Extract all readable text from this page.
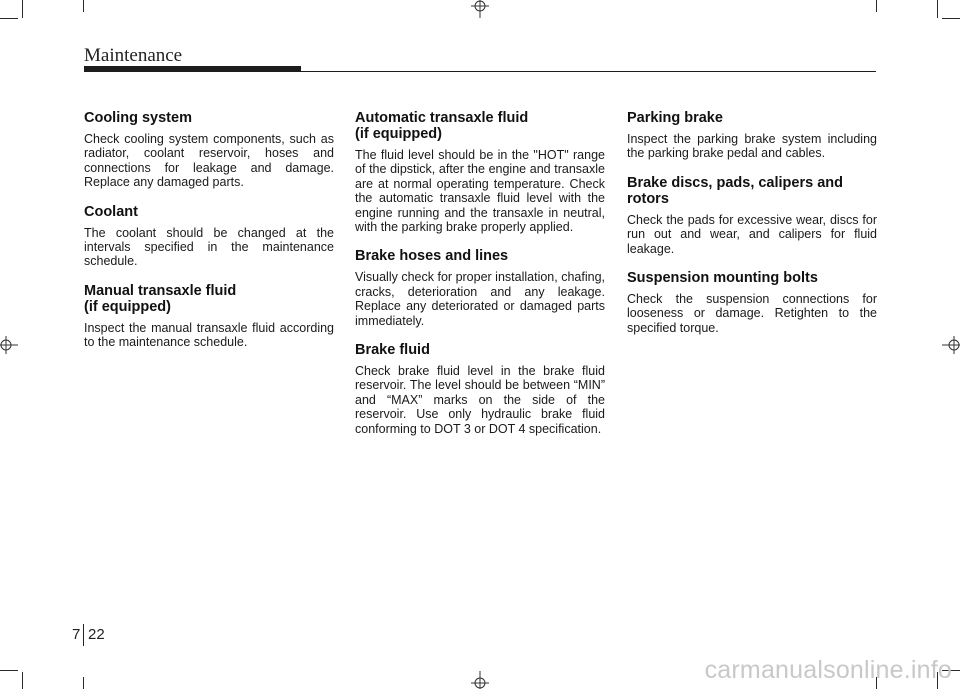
Maintenance
Cooling system

Check cooling system components, such as radiator, coolant reservoir, hoses and connections for leakage and damage. Replace any damaged parts.

Coolant

The coolant should be changed at the intervals specified in the maintenance schedule.

Manual transaxle fluid
(if equipped)

Inspect the manual transaxle fluid according to the maintenance schedule.

Automatic transaxle fluid
(if equipped)

The fluid level should be in the "HOT" range of the dipstick, after the engine and transaxle are at normal operating temperature. Check the automatic transaxle fluid level with the engine running and the transaxle in neutral, with the parking brake properly applied.

Brake hoses and lines

Visually check for proper installation, chafing, cracks, deterioration and any leakage. Replace any deteriorated or damaged parts immediately.

Brake fluid

Check brake fluid level in the brake fluid reservoir. The level should be between “MIN” and “MAX” marks on the side of the reservoir. Use only hydraulic brake fluid conforming to DOT 3 or DOT 4 specification.

Parking brake

Inspect the parking brake system including the parking brake pedal and cables.

Brake discs, pads, calipers and rotors

Check the pads for excessive wear, discs for run out and wear, and calipers for fluid leakage.

Suspension mounting bolts

Check the suspension connections for looseness or damage. Retighten to the specified torque.

7 22
carmanualsonline.info
